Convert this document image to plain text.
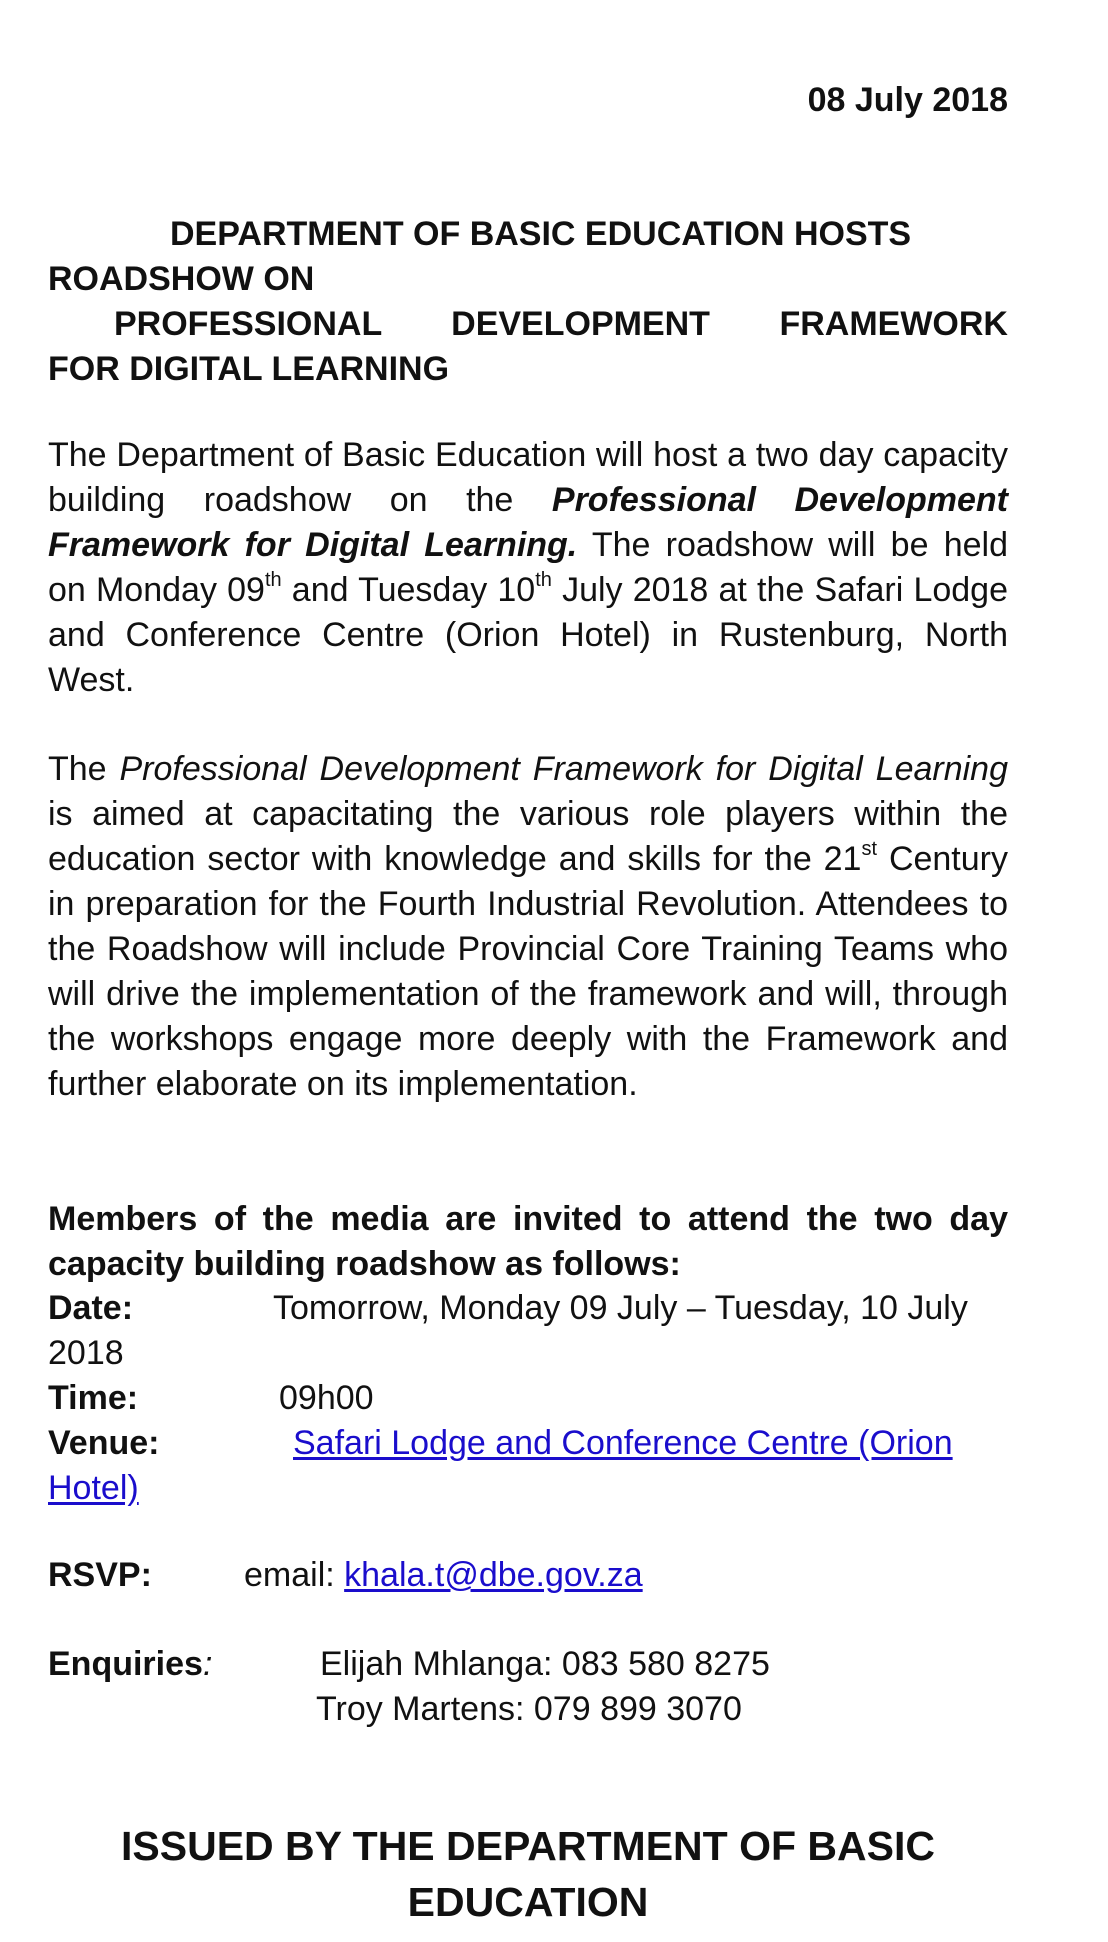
08 July 2018
DEPARTMENT OF BASIC EDUCATION HOSTS
ROADSHOW ON
PROFESSIONAL DEVELOPMENT FRAMEWORK
FOR DIGITAL LEARNING
The Department of Basic Education will host a two day capacity building roadshow on the Professional Development Framework for Digital Learning. The roadshow will be held on Monday 09th and Tuesday 10th July 2018 at the Safari Lodge and Conference Centre (Orion Hotel) in Rustenburg, North West.
The Professional Development Framework for Digital Learning is aimed at capacitating the various role players within the education sector with knowledge and skills for the 21st Century in preparation for the Fourth Industrial Revolution. Attendees to the Roadshow will include Provincial Core Training Teams who will drive the implementation of the framework and will, through the workshops engage more deeply with the Framework and further elaborate on its implementation.
Members of the media are invited to attend the two day capacity building roadshow as follows:
Date:	Tomorrow, Monday 09 July – Tuesday, 10 July 2018
Time:	09h00
Venue:	Safari Lodge and Conference Centre (Orion Hotel)
RSVP:	email: khala.t@dbe.gov.za
Enquiries:	Elijah Mhlanga: 083 580 8275
Troy Martens: 079 899 3070
ISSUED BY THE DEPARTMENT OF BASIC
EDUCATION
